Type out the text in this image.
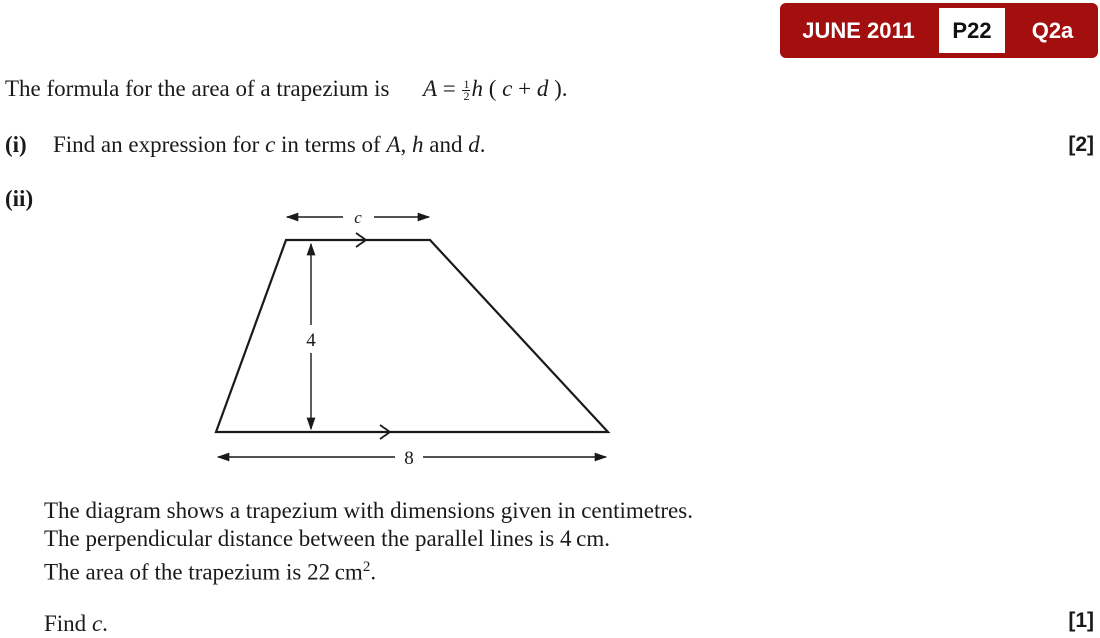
JUNE 2011	P22	Q2a
The formula for the area of a trapezium is $A = \frac{1}{2}$ h ( c + d ).
(i) Find an expression for c in terms of A, h and d.	[2]
(ii)
c
4
8
The diagram shows a trapezium with dimensions given in centimetres.
The perpendicular distance between the parallel lines is 4 cm.
The area of the trapezium is 22 $cm^2$.
Find c.	[1]
